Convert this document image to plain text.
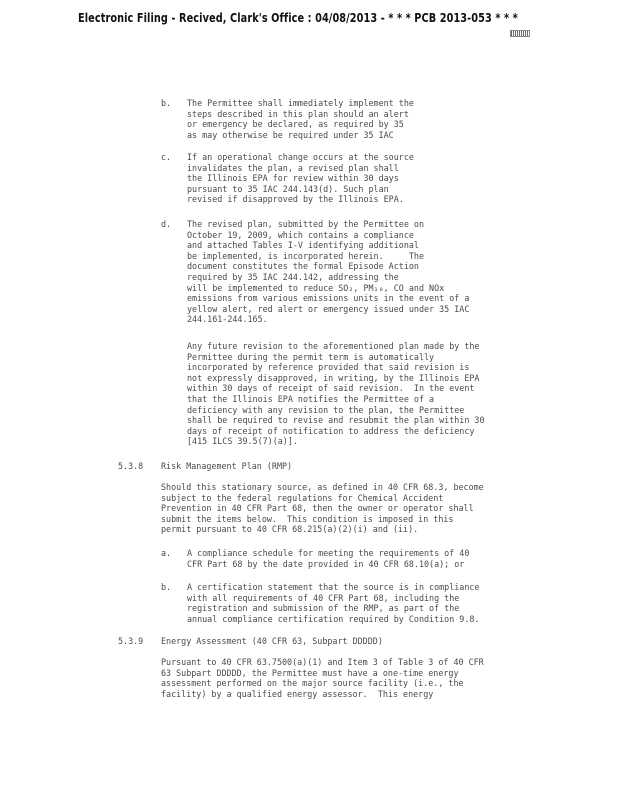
Electronic Filing - Recived, Clark's Office : 04/08/2013 - * * * PCB 2013-053 * * *
b. The Permittee shall immediately implement the
steps described in this plan should an alert
or emergency be declared, as required by 35
as may otherwise be required under 35 IAC
c. If an operational change occurs at the source
invalidates the plan, a revised plan shall
the Illinois EPA for review within 30 days
pursuant to 35 IAC 244.143(d). Such plan
revised if disapproved by the Illinois EPA.
d. The revised plan, submitted by the Permittee on
October 19, 2009, which contains a compliance
and attached Tables I-V identifying additional
be implemented, is incorporated herein.     The
document constitutes the formal Episode Action
required by 35 IAC 244.142, addressing the
will be implemented to reduce SO₂, PM₁₀, CO and NOx
emissions from various emissions units in the event of a
yellow alert, red alert or emergency issued under 35 IAC
244.161-244.165.
Any future revision to the aforementioned plan made by the
Permittee during the permit term is automatically
incorporated by reference provided that said revision is
not expressly disapproved, in writing, by the Illinois EPA
within 30 days of receipt of said revision.  In the event
that the Illinois EPA notifies the Permittee of a
deficiency with any revision to the plan, the Permittee
shall be required to revise and resubmit the plan within 30
days of receipt of notification to address the deficiency
[415 ILCS 39.5(7)(a)].
5.3.8 Risk Management Plan (RMP)
Should this stationary source, as defined in 40 CFR 68.3, become
subject to the federal regulations for Chemical Accident
Prevention in 40 CFR Part 68, then the owner or operator shall
submit the items below.  This condition is imposed in this
permit pursuant to 40 CFR 68.215(a)(2)(i) and (ii).
a. A compliance schedule for meeting the requirements of 40
CFR Part 68 by the date provided in 40 CFR 68.10(a); or
b. A certification statement that the source is in compliance
with all requirements of 40 CFR Part 68, including the
registration and submission of the RMP, as part of the
annual compliance certification required by Condition 9.8.
5.3.9 Energy Assessment (40 CFR 63, Subpart DDDDD)
Pursuant to 40 CFR 63.7500(a)(1) and Item 3 of Table 3 of 40 CFR
63 Subpart DDDDD, the Permittee must have a one-time energy
assessment performed on the major source facility (i.e., the
facility) by a qualified energy assessor.  This energy
